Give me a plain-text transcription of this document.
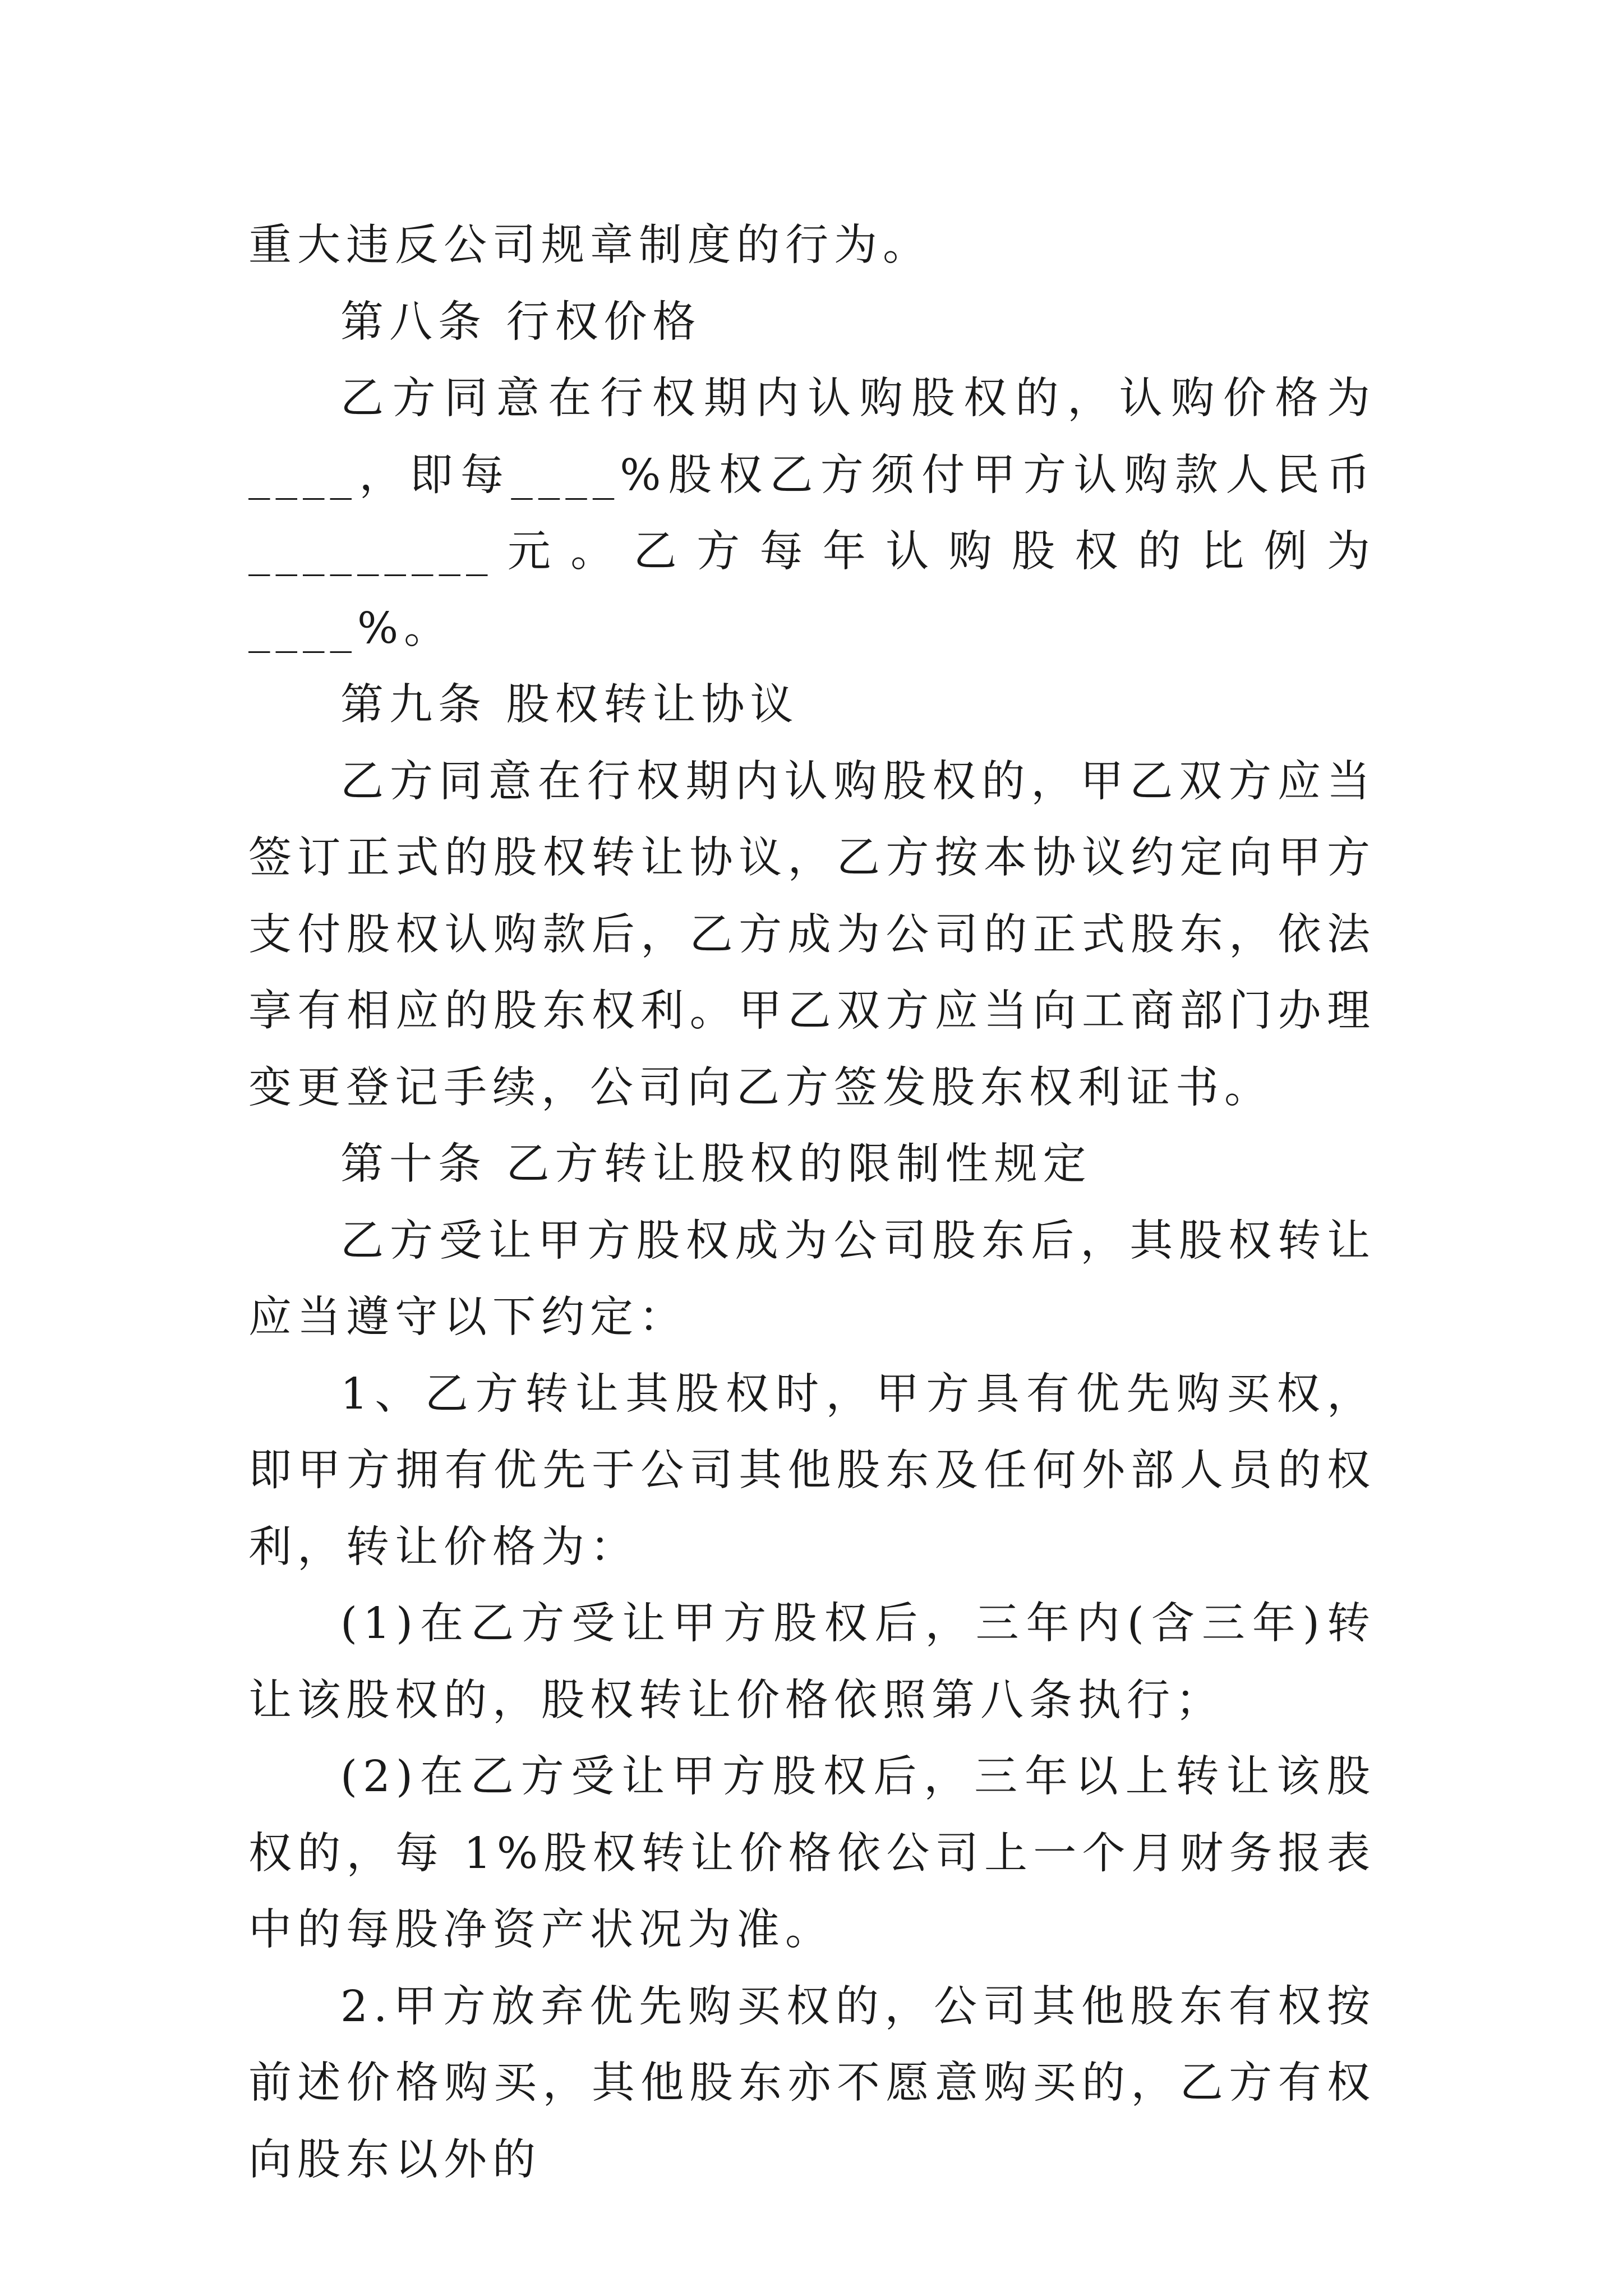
重大违反公司规章制度的行为。

第八条 行权价格

乙方同意在行权期内认购股权的，认购价格为____，即每____%股权乙方须付甲方认购款人民币_________元。乙方每年认购股权的比例为____%。

第九条 股权转让协议

乙方同意在行权期内认购股权的，甲乙双方应当签订正式的股权转让协议，乙方按本协议约定向甲方支付股权认购款后，乙方成为公司的正式股东，依法享有相应的股东权利。甲乙双方应当向工商部门办理变更登记手续，公司向乙方签发股东权利证书。

第十条 乙方转让股权的限制性规定

乙方受让甲方股权成为公司股东后，其股权转让应当遵守以下约定：

1、乙方转让其股权时，甲方具有优先购买权，即甲方拥有优先于公司其他股东及任何外部人员的权利，转让价格为：

(1)在乙方受让甲方股权后，三年内(含三年)转让该股权的，股权转让价格依照第八条执行；

(2)在乙方受让甲方股权后，三年以上转让该股权的，每 1%股权转让价格依公司上一个月财务报表中的每股净资产状况为准。

2.甲方放弃优先购买权的，公司其他股东有权按前述价格购买，其他股东亦不愿意购买的，乙方有权向股东以外的
